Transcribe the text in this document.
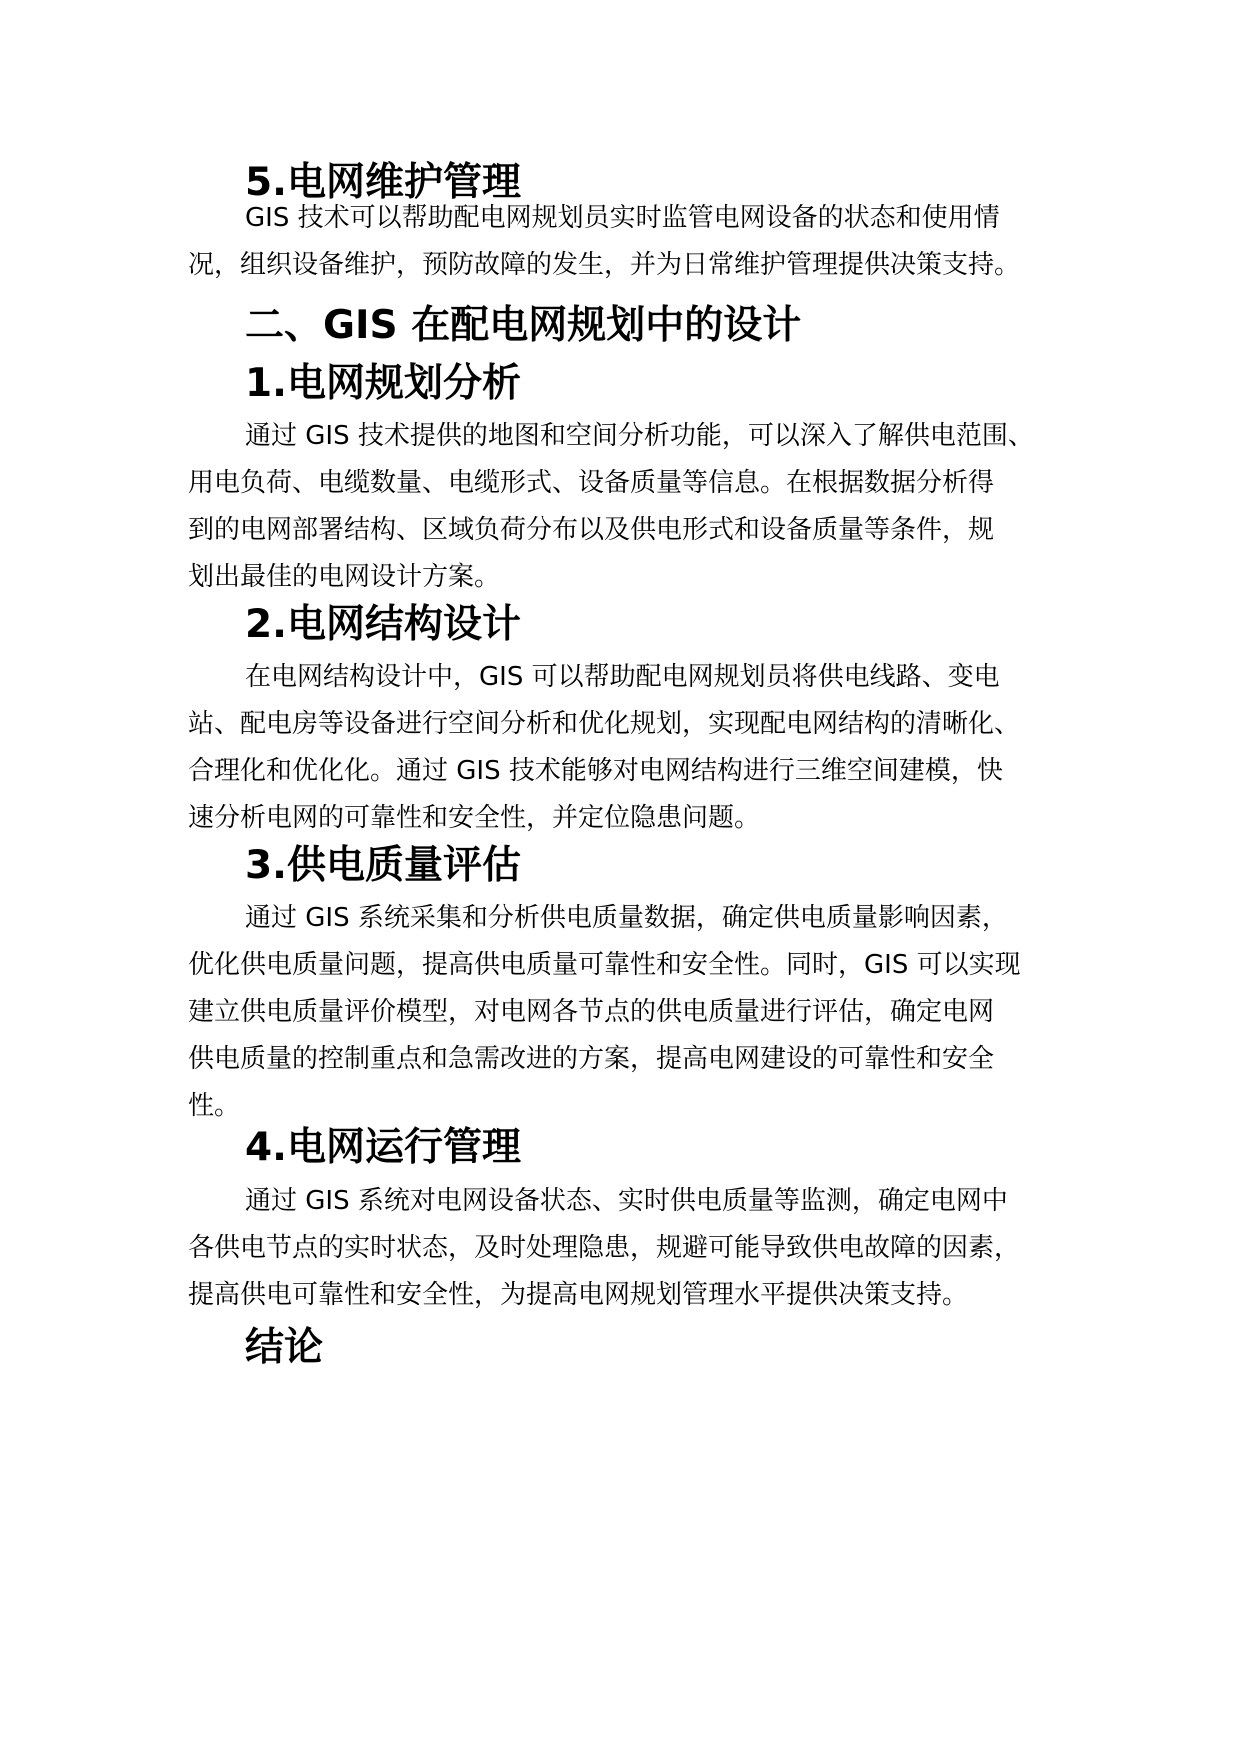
5.电网维护管理

GIS 技术可以帮助配电网规划员实时监管电网设备的状态和使用情
况，组织设备维护，预防故障的发生，并为日常维护管理提供决策支持。

二、GIS 在配电网规划中的设计
1.电网规划分析

通过 GIS 技术提供的地图和空间分析功能，可以深入了解供电范围、
用电负荷、电缆数量、电缆形式、设备质量等信息。在根据数据分析得
到的电网部署结构、区域负荷分布以及供电形式和设备质量等条件，规
划出最佳的电网设计方案。

2.电网结构设计

在电网结构设计中，GIS 可以帮助配电网规划员将供电线路、变电
站、配电房等设备进行空间分析和优化规划，实现配电网结构的清晰化、
合理化和优化化。通过 GIS 技术能够对电网结构进行三维空间建模，快
速分析电网的可靠性和安全性，并定位隐患问题。

3.供电质量评估

通过 GIS 系统采集和分析供电质量数据，确定供电质量影响因素，
优化供电质量问题，提高供电质量可靠性和安全性。同时，GIS 可以实现
建立供电质量评价模型，对电网各节点的供电质量进行评估，确定电网
供电质量的控制重点和急需改进的方案，提高电网建设的可靠性和安全
性。

4.电网运行管理

通过 GIS 系统对电网设备状态、实时供电质量等监测，确定电网中
各供电节点的实时状态，及时处理隐患，规避可能导致供电故障的因素，
提高供电可靠性和安全性，为提高电网规划管理水平提供决策支持。

结论
